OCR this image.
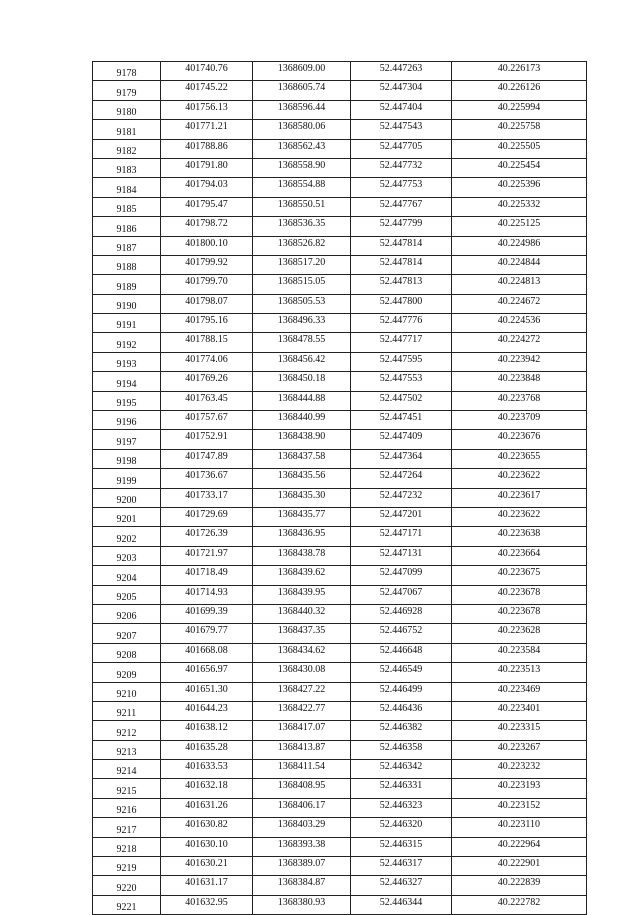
9178	401740.76	1368609.00	52.447263	40.226173
9179	401745.22	1368605.74	52.447304	40.226126
9180	401756.13	1368596.44	52.447404	40.225994
9181	401771.21	1368580.06	52.447543	40.225758
9182	401788.86	1368562.43	52.447705	40.225505
9183	401791.80	1368558.90	52.447732	40.225454
9184	401794.03	1368554.88	52.447753	40.225396
9185	401795.47	1368550.51	52.447767	40.225332
9186	401798.72	1368536.35	52.447799	40.225125
9187	401800.10	1368526.82	52.447814	40.224986
9188	401799.92	1368517.20	52.447814	40.224844
9189	401799.70	1368515.05	52.447813	40.224813
9190	401798.07	1368505.53	52.447800	40.224672
9191	401795.16	1368496.33	52.447776	40.224536
9192	401788.15	1368478.55	52.447717	40.224272
9193	401774.06	1368456.42	52.447595	40.223942
9194	401769.26	1368450.18	52.447553	40.223848
9195	401763.45	1368444.88	52.447502	40.223768
9196	401757.67	1368440.99	52.447451	40.223709
9197	401752.91	1368438.90	52.447409	40.223676
9198	401747.89	1368437.58	52.447364	40.223655
9199	401736.67	1368435.56	52.447264	40.223622
9200	401733.17	1368435.30	52.447232	40.223617
9201	401729.69	1368435.77	52.447201	40.223622
9202	401726.39	1368436.95	52.447171	40.223638
9203	401721.97	1368438.78	52.447131	40.223664
9204	401718.49	1368439.62	52.447099	40.223675
9205	401714.93	1368439.95	52.447067	40.223678
9206	401699.39	1368440.32	52.446928	40.223678
9207	401679.77	1368437.35	52.446752	40.223628
9208	401668.08	1368434.62	52.446648	40.223584
9209	401656.97	1368430.08	52.446549	40.223513
9210	401651.30	1368427.22	52.446499	40.223469
9211	401644.23	1368422.77	52.446436	40.223401
9212	401638.12	1368417.07	52.446382	40.223315
9213	401635.28	1368413.87	52.446358	40.223267
9214	401633.53	1368411.54	52.446342	40.223232
9215	401632.18	1368408.95	52.446331	40.223193
9216	401631.26	1368406.17	52.446323	40.223152
9217	401630.82	1368403.29	52.446320	40.223110
9218	401630.10	1368393.38	52.446315	40.222964
9219	401630.21	1368389.07	52.446317	40.222901
9220	401631.17	1368384.87	52.446327	40.222839
9221	401632.95	1368380.93	52.446344	40.222782
